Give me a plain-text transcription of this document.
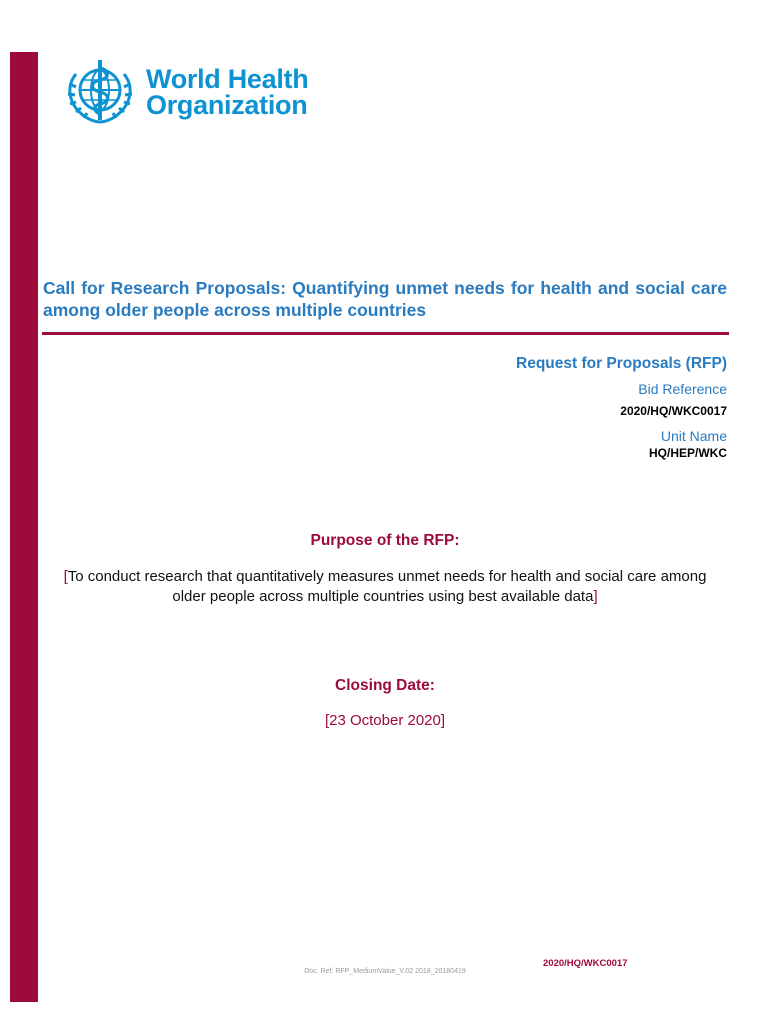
World Health
Organization
Call for Research Proposals: Quantifying unmet needs for health and social care among older people across multiple countries
Request for Proposals (RFP)
Bid Reference
2020/HQ/WKC0017
Unit Name
HQ/HEP/WKC
Purpose of the RFP:
[To conduct research that quantitatively measures unmet needs for health and social care among older people across multiple countries using best available data]
Closing Date:
[23 October 2020]
2020/HQ/WKC0017
Doc. Ref: RFP_MediumValue_V.02 2018_20180419
